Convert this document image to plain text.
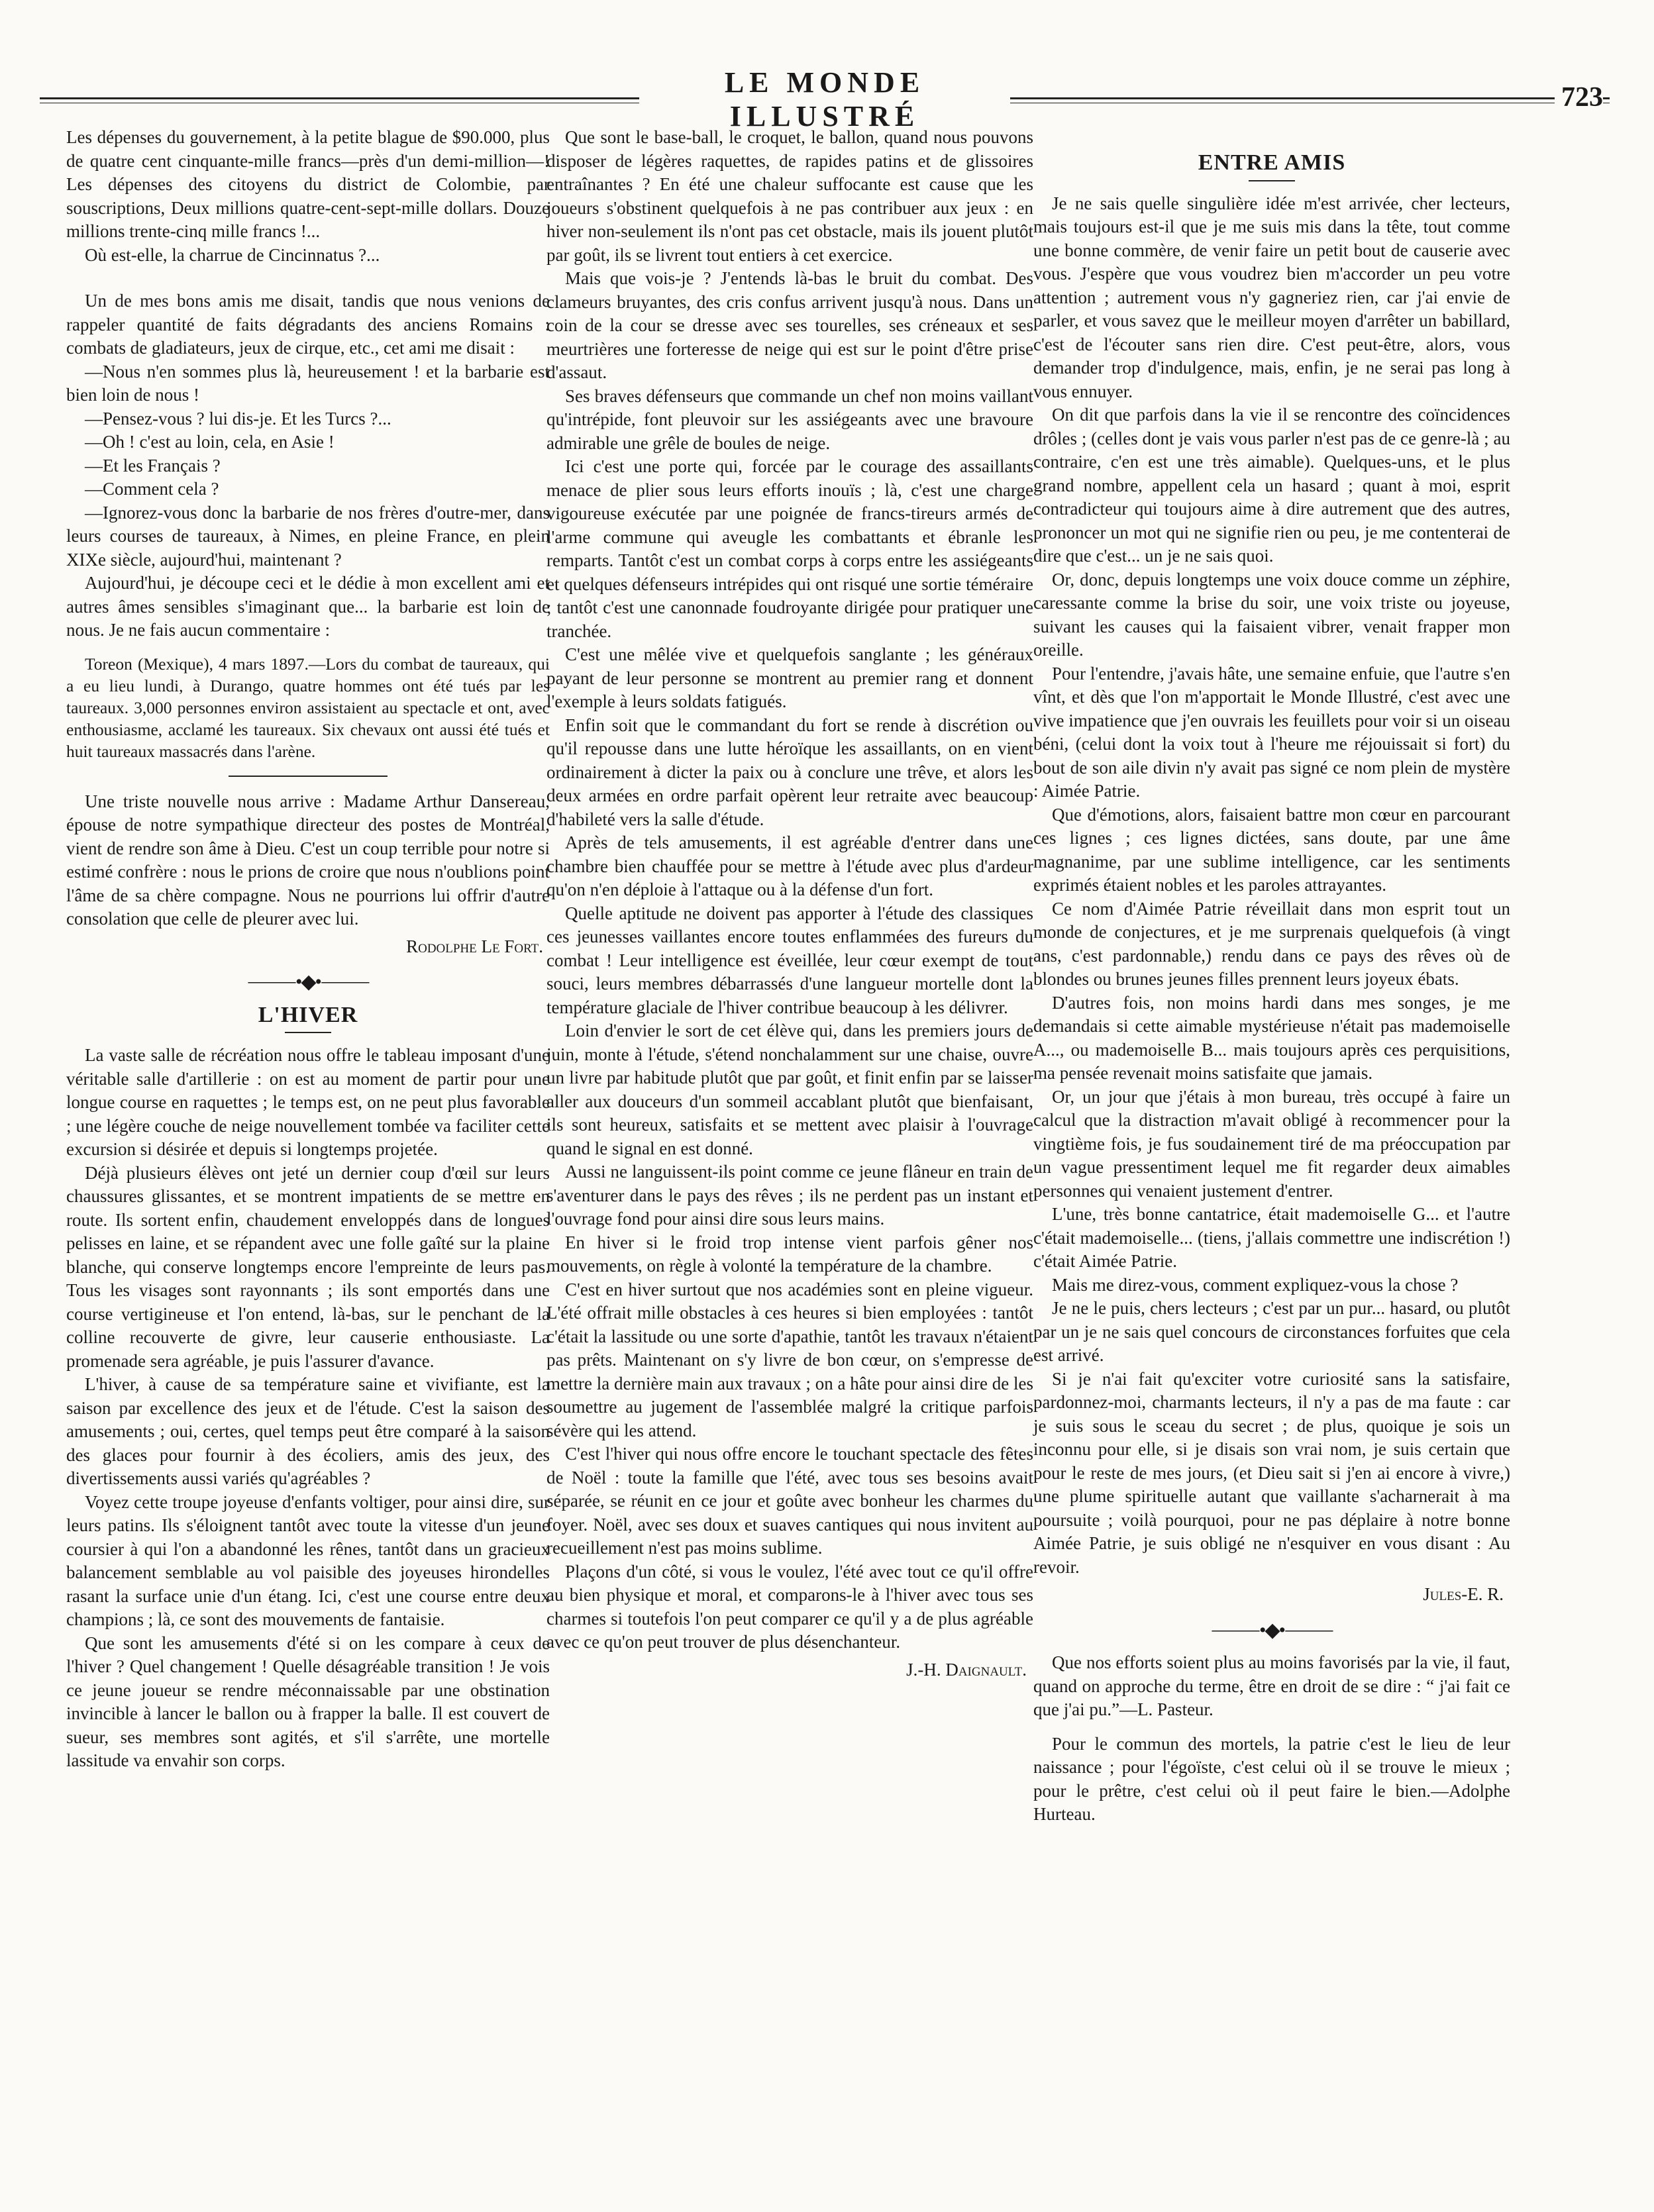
LE MONDE ILLUSTRÉ
723

Les dépenses du gouvernement, à la petite blague de $90.000, plus de quatre cent cinquante-mille francs—près d'un demi-million—! Les dépenses des citoyens du district de Colombie, par souscriptions, Deux millions quatre-cent-sept-mille dollars. Douze millions trente-cinq mille francs !...

Où est-elle, la charrue de Cincinnatus ?...

Un de mes bons amis me disait, tandis que nous venions de rappeler quantité de faits dégradants des anciens Romains : combats de gladiateurs, jeux de cirque, etc., cet ami me disait :

—Nous n'en sommes plus là, heureusement ! et la barbarie est bien loin de nous !

—Pensez-vous ? lui dis-je. Et les Turcs ?...

—Oh ! c'est au loin, cela, en Asie !

—Et les Français ?

—Comment cela ?

—Ignorez-vous donc la barbarie de nos frères d'outre-mer, dans leurs courses de taureaux, à Nimes, en pleine France, en plein XIXe siècle, aujourd'hui, maintenant ?

Aujourd'hui, je découpe ceci et le dédie à mon excellent ami et autres âmes sensibles s'imaginant que... la barbarie est loin de nous. Je ne fais aucun commentaire :

Toreon (Mexique), 4 mars 1897.—Lors du combat de taureaux, qui a eu lieu lundi, à Durango, quatre hommes ont été tués par les taureaux. 3,000 personnes environ assistaient au spectacle et ont, avec enthousiasme, acclamé les taureaux. Six chevaux ont aussi été tués et huit taureaux massacrés dans l'arène.

Une triste nouvelle nous arrive : Madame Arthur Dansereau, épouse de notre sympathique directeur des postes de Montréal, vient de rendre son âme à Dieu. C'est un coup terrible pour notre si estimé confrère : nous le prions de croire que nous n'oublions point l'âme de sa chère compagne. Nous ne pourrions lui offrir d'autre consolation que celle de pleurer avec lui.

Rodolphe Le Fort.
⸻•◆•⸻
L'HIVER

La vaste salle de récréation nous offre le tableau imposant d'une véritable salle d'artillerie : on est au moment de partir pour une longue course en raquettes ; le temps est, on ne peut plus favorable ; une légère couche de neige nouvellement tombée va faciliter cette excursion si désirée et depuis si longtemps projetée.

Déjà plusieurs élèves ont jeté un dernier coup d'œil sur leurs chaussures glissantes, et se montrent impatients de se mettre en route. Ils sortent enfin, chaudement enveloppés dans de longues pelisses en laine, et se répandent avec une folle gaîté sur la plaine blanche, qui conserve longtemps encore l'empreinte de leurs pas. Tous les visages sont rayonnants ; ils sont emportés dans une course vertigineuse et l'on entend, là-bas, sur le penchant de la colline recouverte de givre, leur causerie enthousiaste. La promenade sera agréable, je puis l'assurer d'avance.

L'hiver, à cause de sa température saine et vivifiante, est la saison par excellence des jeux et de l'étude. C'est la saison des amusements ; oui, certes, quel temps peut être comparé à la saison des glaces pour fournir à des écoliers, amis des jeux, des divertissements aussi variés qu'agréables ?

Voyez cette troupe joyeuse d'enfants voltiger, pour ainsi dire, sur leurs patins. Ils s'éloignent tantôt avec toute la vitesse d'un jeune coursier à qui l'on a abandonné les rênes, tantôt dans un gracieux balancement semblable au vol paisible des joyeuses hirondelles rasant la surface unie d'un étang. Ici, c'est une course entre deux champions ; là, ce sont des mouvements de fantaisie.

Que sont les amusements d'été si on les compare à ceux de l'hiver ? Quel changement ! Quelle désagréable transition ! Je vois ce jeune joueur se rendre méconnaissable par une obstination invincible à lancer le ballon ou à frapper la balle. Il est couvert de sueur, ses membres sont agités, et s'il s'arrête, une mortelle lassitude va envahir son corps.

Que sont le base-ball, le croquet, le ballon, quand nous pouvons disposer de légères raquettes, de rapides patins et de glissoires entraînantes ? En été une chaleur suffocante est cause que les joueurs s'obstinent quelquefois à ne pas contribuer aux jeux : en hiver non-seulement ils n'ont pas cet obstacle, mais ils jouent plutôt par goût, ils se livrent tout entiers à cet exercice.

Mais que vois-je ? J'entends là-bas le bruit du combat. Des clameurs bruyantes, des cris confus arrivent jusqu'à nous. Dans un coin de la cour se dresse avec ses tourelles, ses créneaux et ses meurtrières une forteresse de neige qui est sur le point d'être prise d'assaut.

Ses braves défenseurs que commande un chef non moins vaillant qu'intrépide, font pleuvoir sur les assiégeants avec une bravoure admirable une grêle de boules de neige.

Ici c'est une porte qui, forcée par le courage des assaillants menace de plier sous leurs efforts inouïs ; là, c'est une charge vigoureuse exécutée par une poignée de francs-tireurs armés de l'arme commune qui aveugle les combattants et ébranle les remparts. Tantôt c'est un combat corps à corps entre les assiégeants et quelques défenseurs intrépides qui ont risqué une sortie téméraire ; tantôt c'est une canonnade foudroyante dirigée pour pratiquer une tranchée.

C'est une mêlée vive et quelquefois sanglante ; les généraux payant de leur personne se montrent au premier rang et donnent l'exemple à leurs soldats fatigués.

Enfin soit que le commandant du fort se rende à discrétion ou qu'il repousse dans une lutte héroïque les assaillants, on en vient ordinairement à dicter la paix ou à conclure une trêve, et alors les deux armées en ordre parfait opèrent leur retraite avec beaucoup d'habileté vers la salle d'étude.

Après de tels amusements, il est agréable d'entrer dans une chambre bien chauffée pour se mettre à l'étude avec plus d'ardeur qu'on n'en déploie à l'attaque ou à la défense d'un fort.

Quelle aptitude ne doivent pas apporter à l'étude des classiques ces jeunesses vaillantes encore toutes enflammées des fureurs du combat ! Leur intelligence est éveillée, leur cœur exempt de tout souci, leurs membres débarrassés d'une langueur mortelle dont la température glaciale de l'hiver contribue beaucoup à les délivrer.

Loin d'envier le sort de cet élève qui, dans les premiers jours de juin, monte à l'étude, s'étend nonchalamment sur une chaise, ouvre un livre par habitude plutôt que par goût, et finit enfin par se laisser aller aux douceurs d'un sommeil accablant plutôt que bienfaisant, ils sont heureux, satisfaits et se mettent avec plaisir à l'ouvrage quand le signal en est donné.

Aussi ne languissent-ils point comme ce jeune flâneur en train de s'aventurer dans le pays des rêves ; ils ne perdent pas un instant et l'ouvrage fond pour ainsi dire sous leurs mains.

En hiver si le froid trop intense vient parfois gêner nos mouvements, on règle à volonté la température de la chambre.

C'est en hiver surtout que nos académies sont en pleine vigueur. L'été offrait mille obstacles à ces heures si bien employées : tantôt c'était la lassitude ou une sorte d'apathie, tantôt les travaux n'étaient pas prêts. Maintenant on s'y livre de bon cœur, on s'empresse de mettre la dernière main aux travaux ; on a hâte pour ainsi dire de les soumettre au jugement de l'assemblée malgré la critique parfois sévère qui les attend.

C'est l'hiver qui nous offre encore le touchant spectacle des fêtes de Noël : toute la famille que l'été, avec tous ses besoins avait séparée, se réunit en ce jour et goûte avec bonheur les charmes du foyer. Noël, avec ses doux et suaves cantiques qui nous invitent au recueillement n'est pas moins sublime.

Plaçons d'un côté, si vous le voulez, l'été avec tout ce qu'il offre au bien physique et moral, et comparons-le à l'hiver avec tous ses charmes si toutefois l'on peut comparer ce qu'il y a de plus agréable avec ce qu'on peut trouver de plus désenchanteur.

J.-H. Daignault.
ENTRE AMIS

Je ne sais quelle singulière idée m'est arrivée, cher lecteurs, mais toujours est-il que je me suis mis dans la tête, tout comme une bonne commère, de venir faire un petit bout de causerie avec vous. J'espère que vous voudrez bien m'accorder un peu votre attention ; autrement vous n'y gagneriez rien, car j'ai envie de parler, et vous savez que le meilleur moyen d'arrêter un babillard, c'est de l'écouter sans rien dire. C'est peut-être, alors, vous demander trop d'indulgence, mais, enfin, je ne serai pas long à vous ennuyer.

On dit que parfois dans la vie il se rencontre des coïncidences drôles ; (celles dont je vais vous parler n'est pas de ce genre-là ; au contraire, c'en est une très aimable). Quelques-uns, et le plus grand nombre, appellent cela un hasard ; quant à moi, esprit contradicteur qui toujours aime à dire autrement que des autres, prononcer un mot qui ne signifie rien ou peu, je me contenterai de dire que c'est... un je ne sais quoi.

Or, donc, depuis longtemps une voix douce comme un zéphire, caressante comme la brise du soir, une voix triste ou joyeuse, suivant les causes qui la faisaient vibrer, venait frapper mon oreille.

Pour l'entendre, j'avais hâte, une semaine enfuie, que l'autre s'en vînt, et dès que l'on m'apportait le Monde Illustré, c'est avec une vive impatience que j'en ouvrais les feuillets pour voir si un oiseau béni, (celui dont la voix tout à l'heure me réjouissait si fort) du bout de son aile divin n'y avait pas signé ce nom plein de mystère : Aimée Patrie.

Que d'émotions, alors, faisaient battre mon cœur en parcourant ces lignes ; ces lignes dictées, sans doute, par une âme magnanime, par une sublime intelligence, car les sentiments exprimés étaient nobles et les paroles attrayantes.

Ce nom d'Aimée Patrie réveillait dans mon esprit tout un monde de conjectures, et je me surprenais quelquefois (à vingt ans, c'est pardonnable,) rendu dans ce pays des rêves où de blondes ou brunes jeunes filles prennent leurs joyeux ébats.

D'autres fois, non moins hardi dans mes songes, je me demandais si cette aimable mystérieuse n'était pas mademoiselle A..., ou mademoiselle B... mais toujours après ces perquisitions, ma pensée revenait moins satisfaite que jamais.

Or, un jour que j'étais à mon bureau, très occupé à faire un calcul que la distraction m'avait obligé à recommencer pour la vingtième fois, je fus soudainement tiré de ma préoccupation par un vague pressentiment lequel me fit regarder deux aimables personnes qui venaient justement d'entrer.

L'une, très bonne cantatrice, était mademoiselle G... et l'autre c'était mademoiselle... (tiens, j'allais commettre une indiscrétion !) c'était Aimée Patrie.

Mais me direz-vous, comment expliquez-vous la chose ?

Je ne le puis, chers lecteurs ; c'est par un pur... hasard, ou plutôt par un je ne sais quel concours de circonstances forfuites que cela est arrivé.

Si je n'ai fait qu'exciter votre curiosité sans la satisfaire, pardonnez-moi, charmants lecteurs, il n'y a pas de ma faute : car je suis sous le sceau du secret ; de plus, quoique je sois un inconnu pour elle, si je disais son vrai nom, je suis certain que pour le reste de mes jours, (et Dieu sait si j'en ai encore à vivre,) une plume spirituelle autant que vaillante s'acharnerait à ma poursuite ; voilà pourquoi, pour ne pas déplaire à notre bonne Aimée Patrie, je suis obligé ne n'esquiver en vous disant : Au revoir.

Jules-E. R.
⸻•◆•⸻

Que nos efforts soient plus au moins favorisés par la vie, il faut, quand on approche du terme, être en droit de se dire : “ j'ai fait ce que j'ai pu.”—L. Pasteur.

Pour le commun des mortels, la patrie c'est le lieu de leur naissance ; pour l'égoïste, c'est celui où il se trouve le mieux ; pour le prêtre, c'est celui où il peut faire le bien.—Adolphe Hurteau.
